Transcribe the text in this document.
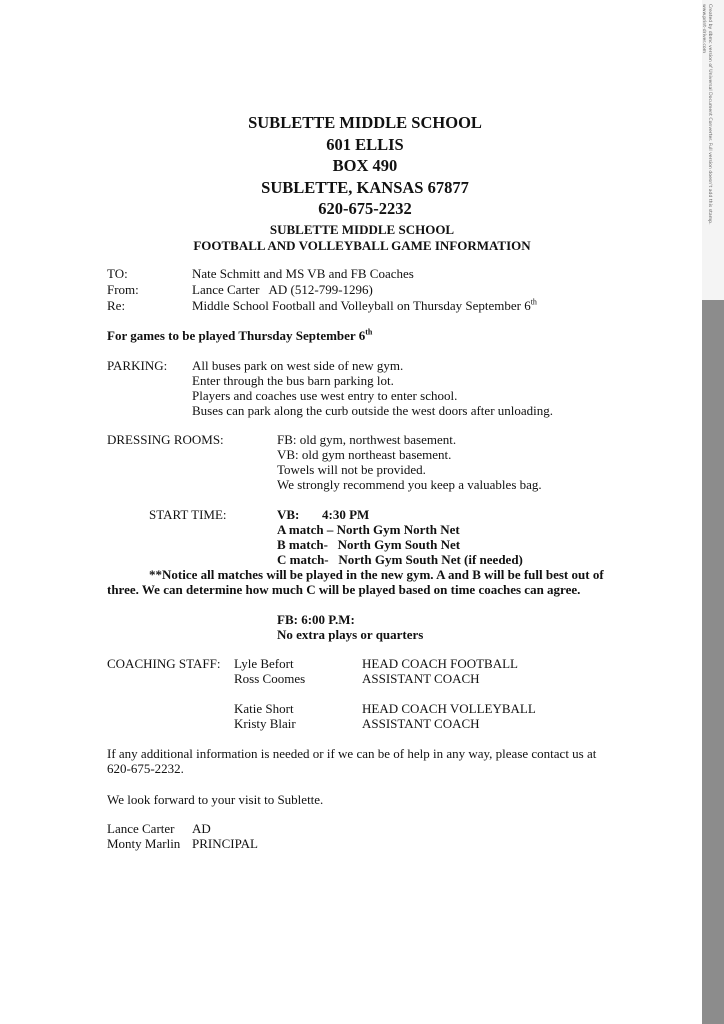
SUBLETTE MIDDLE SCHOOL
601 ELLIS
BOX 490
SUBLETTE, KANSAS 67877
620-675-2232
SUBLETTE MIDDLE SCHOOL
FOOTBALL AND VOLLEYBALL GAME INFORMATION
TO:	Nate Schmitt and MS VB and FB Coaches
From:	Lance Carter   AD (512-799-1296)
Re:	Middle School Football and Volleyball on Thursday September 6th
For games to be played Thursday September 6th
PARKING: All buses park on west side of new gym.
Enter through the bus barn parking lot.
Players and coaches use west entry to enter school.
Buses can park along the curb outside the west doors after unloading.
DRESSING ROOMS:	FB: old gym, northwest basement.
VB: old gym northeast basement.
Towels will not be provided.
We strongly recommend you keep a valuables bag.
START TIME:	VB: 4:30 PM
A match – North Gym North Net
B match-   North Gym South Net
C match-   North Gym South Net (if needed)
**Notice all matches will be played in the new gym. A and B will be full best out of
three. We can determine how much C will be played based on time coaches can agree.
FB: 6:00 P.M:
No extra plays or quarters
COACHING STAFF: Lyle Befort	HEAD COACH FOOTBALL
Ross Coomes	ASSISTANT COACH
Katie Short	HEAD COACH VOLLEYBALL
Kristy Blair	ASSISTANT COACH
If any additional information is needed or if we can be of help in any way, please contact us at
620-675-2232.
We look forward to your visit to Sublette.
Lance Carter AD
Monty Marlin PRINCIPAL
Created by dbmc version of Universal Document Converter. Full version doesn't add this stamp.
www.print-driver.com
